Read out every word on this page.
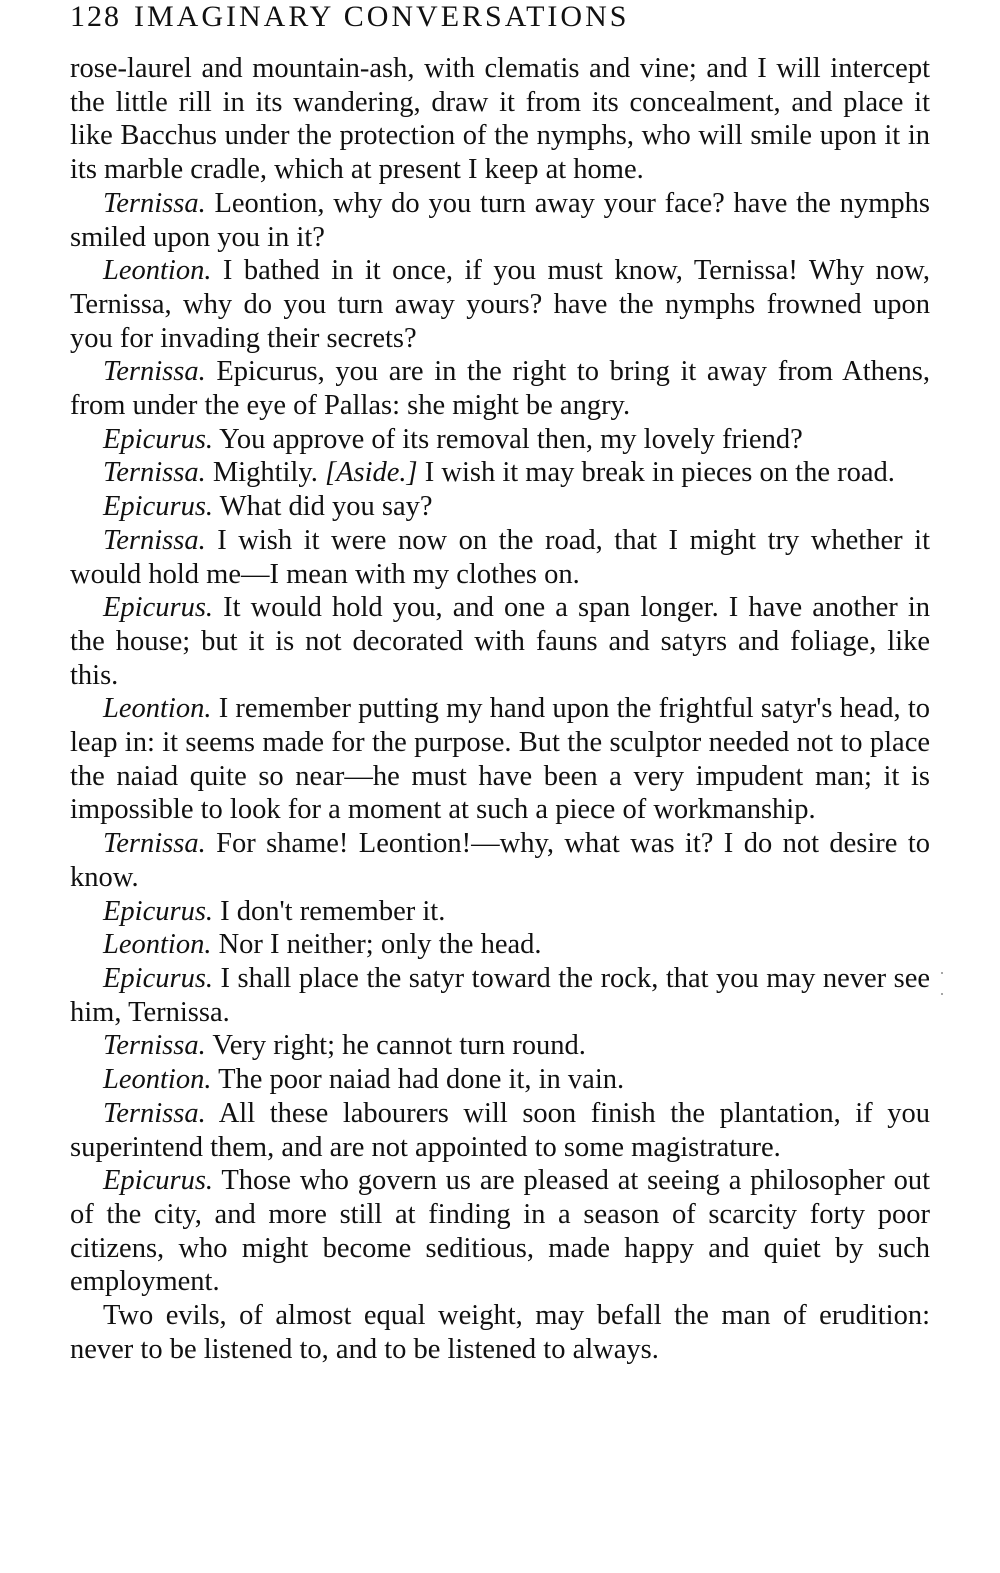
128 IMAGINARY CONVERSATIONS

rose-laurel and mountain-ash, with clematis and vine; and I will intercept the little rill in its wandering, draw it from its concealment, and place it like Bacchus under the protection of the nymphs, who will smile upon it in its marble cradle, which at present I keep at home.

Ternissa. Leontion, why do you turn away your face? have the nymphs smiled upon you in it?

Leontion. I bathed in it once, if you must know, Ternissa! Why now, Ternissa, why do you turn away yours? have the nymphs frowned upon you for invading their secrets?

Ternissa. Epicurus, you are in the right to bring it away from Athens, from under the eye of Pallas: she might be angry.

Epicurus. You approve of its removal then, my lovely friend?

Ternissa. Mightily. [Aside.] I wish it may break in pieces on the road.

Epicurus. What did you say?

Ternissa. I wish it were now on the road, that I might try whether it would hold me—I mean with my clothes on.

Epicurus. It would hold you, and one a span longer. I have another in the house; but it is not decorated with fauns and satyrs and foliage, like this.

Leontion. I remember putting my hand upon the frightful satyr's head, to leap in: it seems made for the purpose. But the sculptor needed not to place the naiad quite so near—he must have been a very impudent man; it is impossible to look for a moment at such a piece of workmanship.

Ternissa. For shame! Leontion!—why, what was it? I do not desire to know.

Epicurus. I don't remember it.

Leontion. Nor I neither; only the head.

Epicurus. I shall place the satyr toward the rock, that you may never see him, Ternissa.

Ternissa. Very right; he cannot turn round.

Leontion. The poor naiad had done it, in vain.

Ternissa. All these labourers will soon finish the plantation, if you superintend them, and are not appointed to some magistrature.

Epicurus. Those who govern us are pleased at seeing a philosopher out of the city, and more still at finding in a season of scarcity forty poor citizens, who might become seditious, made happy and quiet by such employment.

Two evils, of almost equal weight, may befall the man of erudition: never to be listened to, and to be listened to always.
